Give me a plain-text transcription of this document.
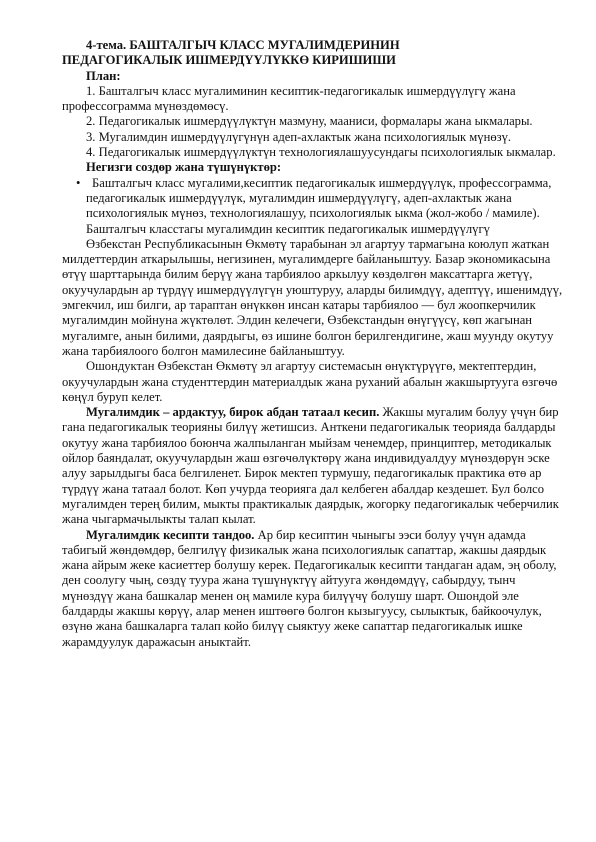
4-тема. БАШТАЛГЫЧ КЛАСС МУГАЛИМДЕРИНИН

ПЕДАГОГИКАЛЫК ИШМЕРДҮҮЛҮККӨ КИРИШИШИ

План:

1. Башталгыч класс мугалиминин кесиптик-педагогикалык ишмердүүлүгү жана профессограмма мүнөздөмөсү.

2. Педагогикалык ишмердүүлүктүн мазмуну, мааниси, формалары жана ыкмалары.

3. Мугалимдин ишмердүүлүгүнүн адеп-ахлактык жана психологиялык мүнөзү.

4. Педагогикалык ишмердүүлүктүн технологиялашуусундагы психологиялык ыкмалар.

Негизги создөр жана түшүнүктөр:

• Башталгыч класс мугалими,кесиптик педагогикалык ишмердүүлүк, профессограмма, педагогикалык ишмердүүлүк, мугалимдин ишмердүүлүгү, адеп-ахлактык жана психологиялык мүнөз, технологиялашуу, психологиялык ыкма (жол-жобо / мамиле).

Башталгыч класстагы мугалимдин кесиптик педагогикалык ишмердүүлүгү

Өзбекстан Республикасынын Өкмөтү тарабынан эл агартуу тармагына коюлуп жаткан милдеттердин аткарылышы, негизинен, мугалимдерге байланыштуу. Базар экономикасына өтүү шарттарында билим берүү жана тарбиялоо аркылуу көздөлгөн максаттарга жетүү, окуучулардын ар түрдүү ишмердүүлүгүн уюштуруу, аларды билимдүү, адептүү, ишенимдүү, эмгекчил, иш билги, ар тараптан өнүккөн инсан катары тарбиялоо — бул жоопкерчилик мугалимдин мойнуна жүктөлөт. Элдин келечеги, Өзбекстандын өнүгүүсү, көп жагынан мугалимге, анын билими, даярдыгы, өз ишине болгон берилгендигине, жаш муунду окутуу жана тарбиялоого болгон мамилесине байланыштуу.

Ошондуктан Өзбекстан Өкмөтү эл агартуу системасын өнүктүрүүгө, мектептердин, окуучулардын жана студенттердин материалдык жана руханий абалын жакшыртууга өзгөчө көңүл буруп келет.

Мугалимдик – ардактуу, бирок абдан татаал кесип. Жакшы мугалим болуу үчүн бир гана педагогикалык теорияны билүү жетишсиз. Анткени педагогикалык теорияда балдарды окутуу жана тарбиялоо боюнча жалпыланган мыйзам ченемдер, принциптер, методикалык ойлор баяндалат, окуучулардын жаш өзгөчөлүктөрү жана индивидуалдуу мүнөздөрүн эске алуу зарылдыгы баса белгиленет. Бирок мектеп турмушу, педагогикалык практика өтө ар түрдүү жана татаал болот. Көп учурда теорияга дал келбеген абалдар кездешет. Бул болсо мугалимден терең билим, мыкты практикалык даярдык, жогорку педагогикалык чеберчилик жана чыгармачылыкты талап кылат.

Мугалимдик кесипти тандоо. Ар бир кесиптин чыныгы ээси болуу үчүн адамда табигый жөндөмдөр, белгилүү физикалык жана психологиялык сапаттар, жакшы даярдык жана айрым жеке касиеттер болушу керек. Педагогикалык кесипти тандаган адам, эң оболу, ден соолугу чың, сөздү туура жана түшүнүктүү айтууга жөндөмдүү, сабырдуу, тынч мүнөздүү жана башкалар менен оң мамиле кура билүүчү болушу шарт. Ошондой эле балдарды жакшы көрүү, алар менен иштөөгө болгон кызыгуусу, сылыктык, байкоочулук, өзүнө жана башкаларга талап койо билүү сыяктуу жеке сапаттар педагогикалык ишке жарамдуулук даражасын аныктайт.
